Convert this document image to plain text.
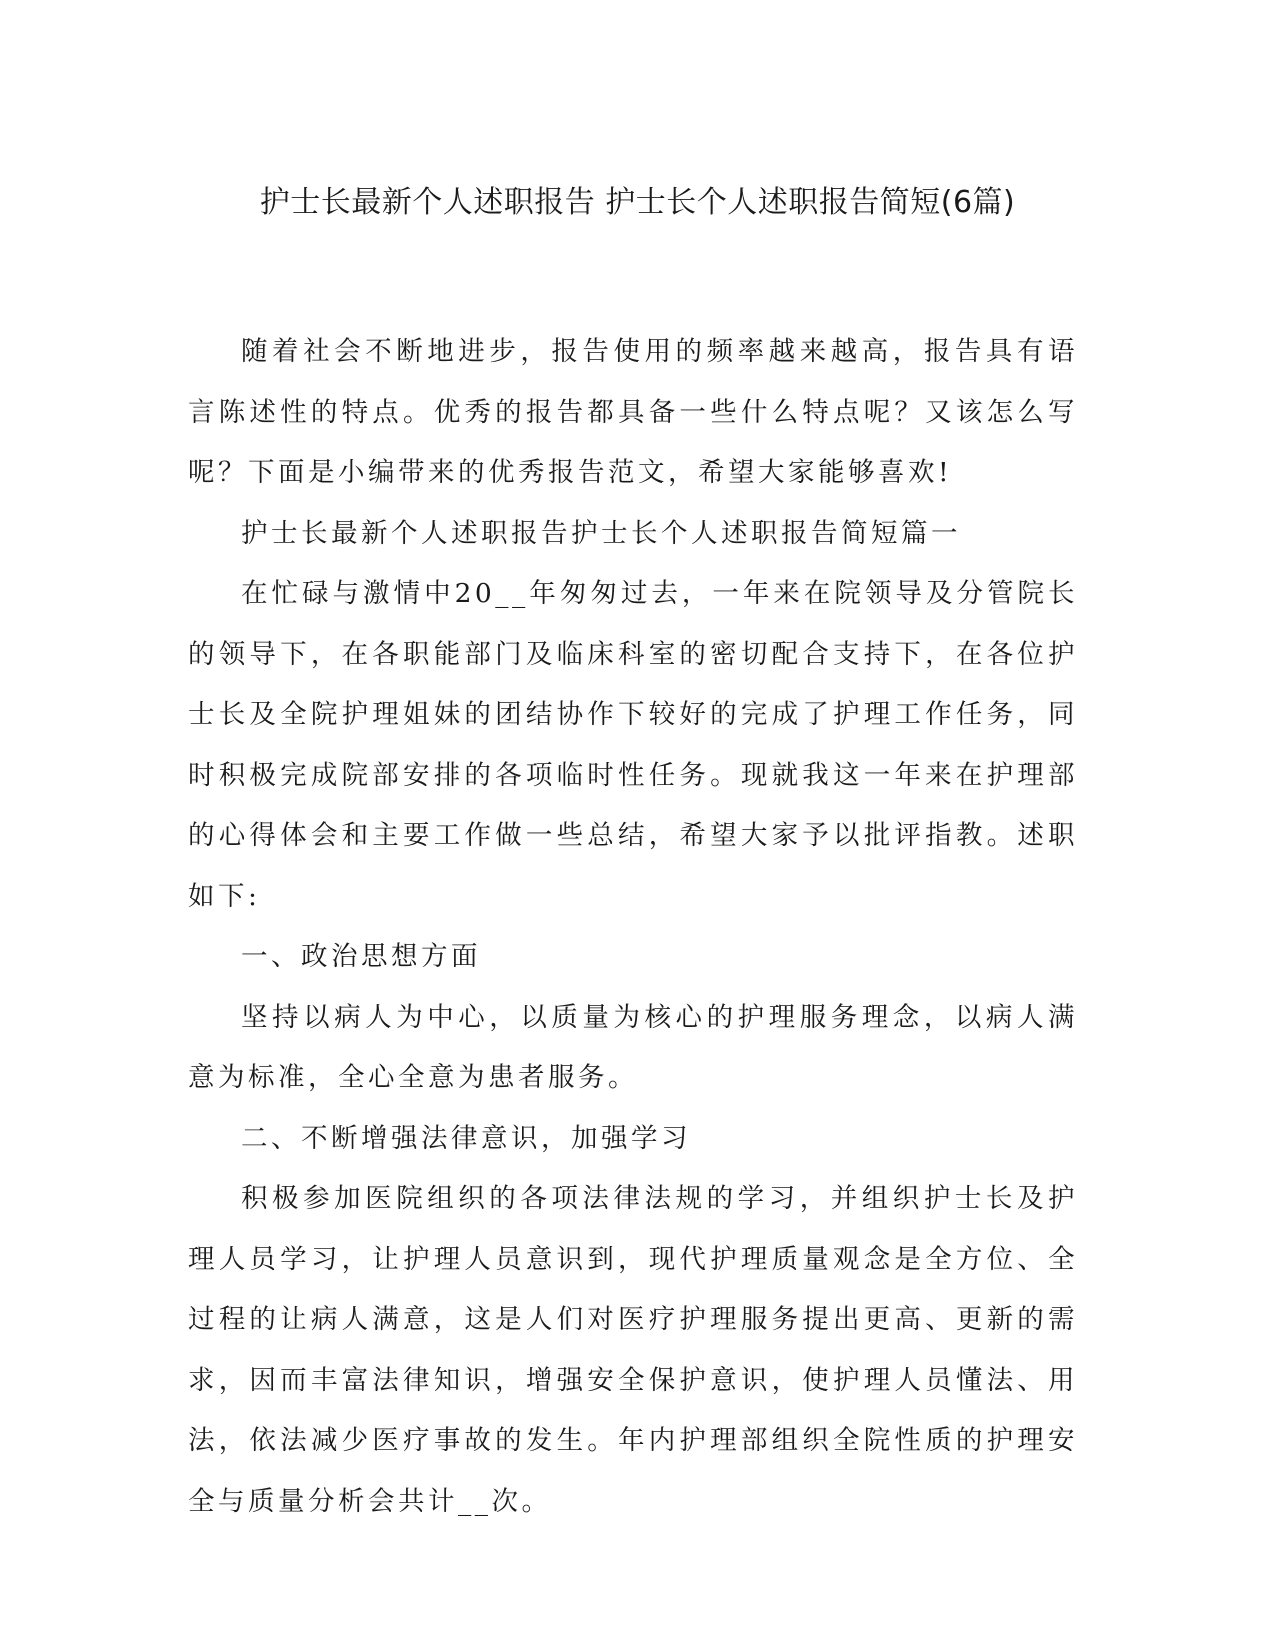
护士长最新个人述职报告 护士长个人述职报告简短(6篇)

随着社会不断地进步，报告使用的频率越来越高，报告具有语言陈述性的特点。优秀的报告都具备一些什么特点呢？又该怎么写呢？下面是小编带来的优秀报告范文，希望大家能够喜欢!

护士长最新个人述职报告护士长个人述职报告简短篇一

在忙碌与激情中20__年匆匆过去，一年来在院领导及分管院长的领导下，在各职能部门及临床科室的密切配合支持下，在各位护士长及全院护理姐妹的团结协作下较好的完成了护理工作任务，同时积极完成院部安排的各项临时性任务。现就我这一年来在护理部的心得体会和主要工作做一些总结，希望大家予以批评指教。述职如下:

一、政治思想方面

坚持以病人为中心，以质量为核心的护理服务理念，以病人满意为标准，全心全意为患者服务。

二、不断增强法律意识，加强学习

积极参加医院组织的各项法律法规的学习，并组织护士长及护理人员学习，让护理人员意识到，现代护理质量观念是全方位、全过程的让病人满意，这是人们对医疗护理服务提出更高、更新的需求，因而丰富法律知识，增强安全保护意识，使护理人员懂法、用法，依法减少医疗事故的发生。年内护理部组织全院性质的护理安全与质量分析会共计__次。
